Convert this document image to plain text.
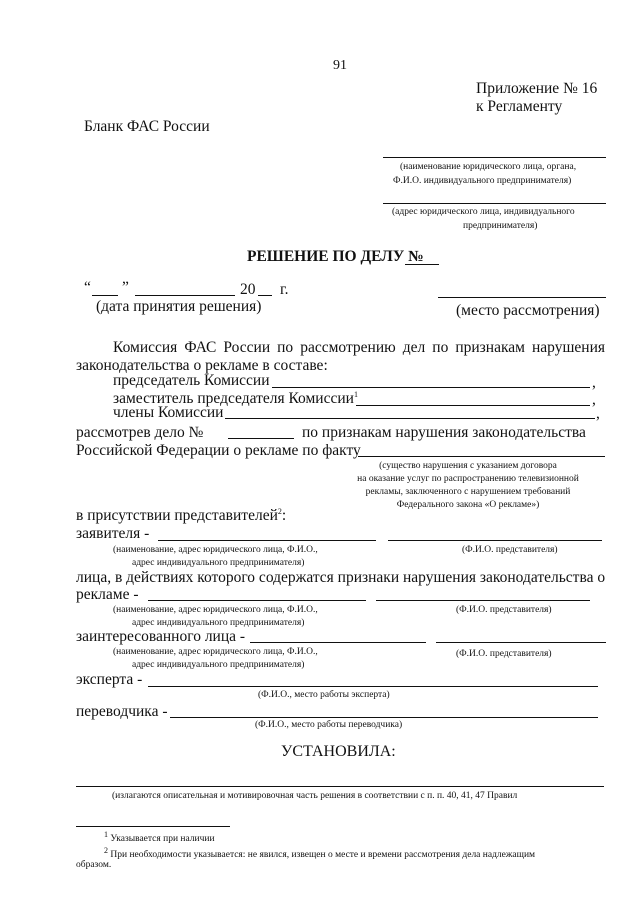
91
Приложение № 16
к Регламенту
Бланк ФАС России
(наименование юридического лица, органа,
Ф.И.О. индивидуального предпринимателя)
(адрес юридического лица, индивидуального
предпринимателя)
РЕШЕНИЕ ПО ДЕЛУ №
“ ”	20 г.
(дата принятия решения)	(место рассмотрения)
Комиссия ФАС России по рассмотрению дел по признакам нарушения
законодательства о рекламе в составе:
председатель Комиссии	,
заместитель председателя Комиссии$^1$	,
члены Комиссии	,
рассмотрев дело №	по признакам нарушения законодательства
Российской Федерации о рекламе по факту
(существо нарушения с указанием договора
на оказание услуг по распространению телевизионной
рекламы, заключенного с нарушением требований
Федерального закона «О рекламе»)
в присутствии представителей$^2$:
заявителя -
(наименование, адрес юридического лица, Ф.И.О.,
адрес индивидуального предпринимателя)
(Ф.И.О. представителя)
лица, в действиях которого содержатся признаки нарушения законодательства о
рекламе -
(наименование, адрес юридического лица, Ф.И.О.,
адрес индивидуального предпринимателя)
(Ф.И.О. представителя)
заинтересованного лица -
(наименование, адрес юридического лица, Ф.И.О.,
адрес индивидуального предпринимателя)
(Ф.И.О. представителя)
эксперта -
(Ф.И.О., место работы эксперта)
переводчика -
(Ф.И.О., место работы переводчика)
УСТАНОВИЛА:
(излагаются описательная и мотивировочная часть решения в соответствии с п. п. 40, 41, 47 Правил
$^1$ Указывается при наличии
$^2$ При необходимости указывается: не явился, извещен о месте и времени рассмотрения дела надлежащим
образом.
